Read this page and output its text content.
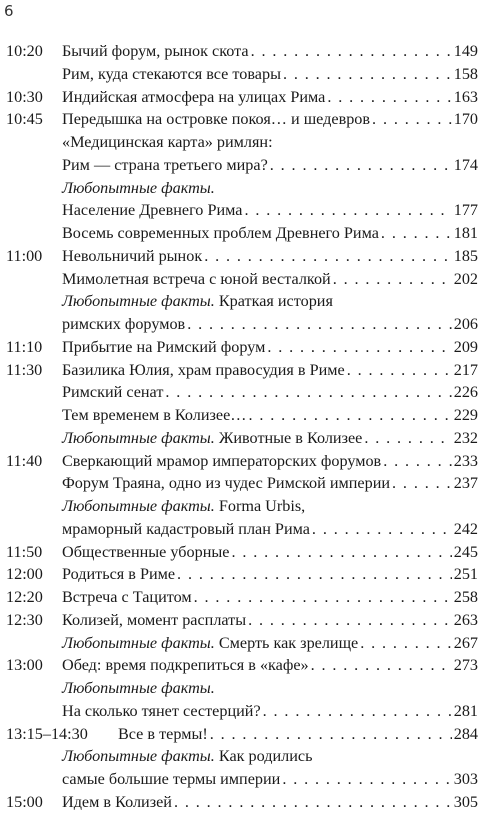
6
10:20 Бычий форум, рынок скота . . .	149
Рим, куда стекаются все товары . . .	158
10:30 Индийская атмосфера на улицах Рима . . .	163
10:45 Передышка на островке покоя… и шедевров . . .	170
«Медицинская карта» римлян:
Рим — страна третьего мира? . . .	174
Любопытные факты.
Население Древнего Рима . . .	177
Восемь современных проблем Древнего Рима . . .	181
11:00 Невольничий рынок . . .	185
Мимолетная встреча с юной весталкой . . .	202
Любопытные факты. Краткая история
римских форумов . . .	206
11:10 Прибытие на Римский форум . . .	209
11:30 Базилика Юлия, храм правосудия в Риме . . .	217
Римский сенат . . .	226
Тем временем в Колизее… . . .	229
Любопытные факты. Животные в Колизее . . .	232
11:40 Сверкающий мрамор императорских форумов . . .	233
Форум Траяна, одно из чудес Римской империи . . .	237
Любопытные факты. Forma Urbis,
мраморный кадастровый план Рима . . .	242
11:50 Общественные уборные . . .	245
12:00 Родиться в Риме . . .	251
12:20 Встреча с Тацитом . . .	258
12:30 Колизей, момент расплаты . . .	263
Любопытные факты. Смерть как зрелище . . .	267
13:00 Обед: время подкрепиться в «кафе» . . .	273
Любопытные факты.
На сколько тянет сестерций? . . .	281
13:15–14:30 Все в термы! . . .	284
Любопытные факты. Как родились
самые большие термы империи . . .	303
15:00 Идем в Колизей . . .	305
